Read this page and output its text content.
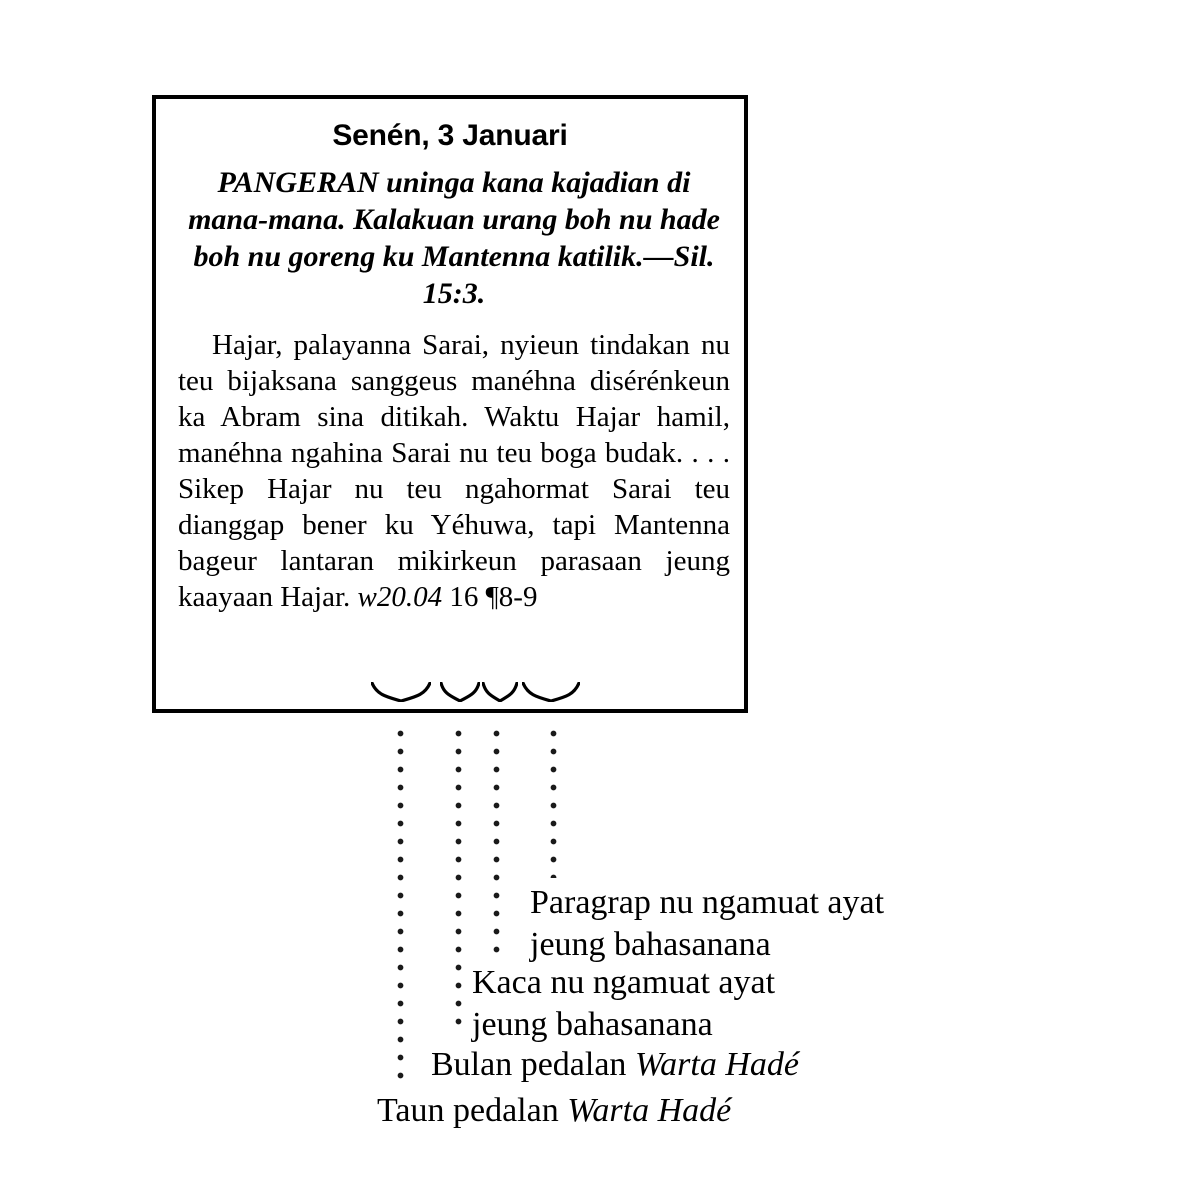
Senén, 3 Januari
PANGERAN uninga kana kajadian di mana-mana. Kalakuan urang boh nu hade boh nu goreng ku Mantenna katilik.—Sil. 15:3.
Hajar, palayanna Sarai, nyieun tindakan nu teu bijaksana sanggeus manéhna disérénkeun ka Abram sina ditikah. Waktu Hajar hamil, manéhna ngahina Sarai nu teu boga budak. . . . Sikep Hajar nu teu ngahormat Sarai teu dianggap bener ku Yéhuwa, tapi Mantenna bageur lantaran mikirkeun parasaan jeung kaayaan Hajar. w20.04 16 ¶8-9
Paragrap nu ngamuat ayat
jeung bahasanana
Kaca nu ngamuat ayat
jeung bahasanana
Bulan pedalan Warta Hadé
Taun pedalan Warta Hadé
